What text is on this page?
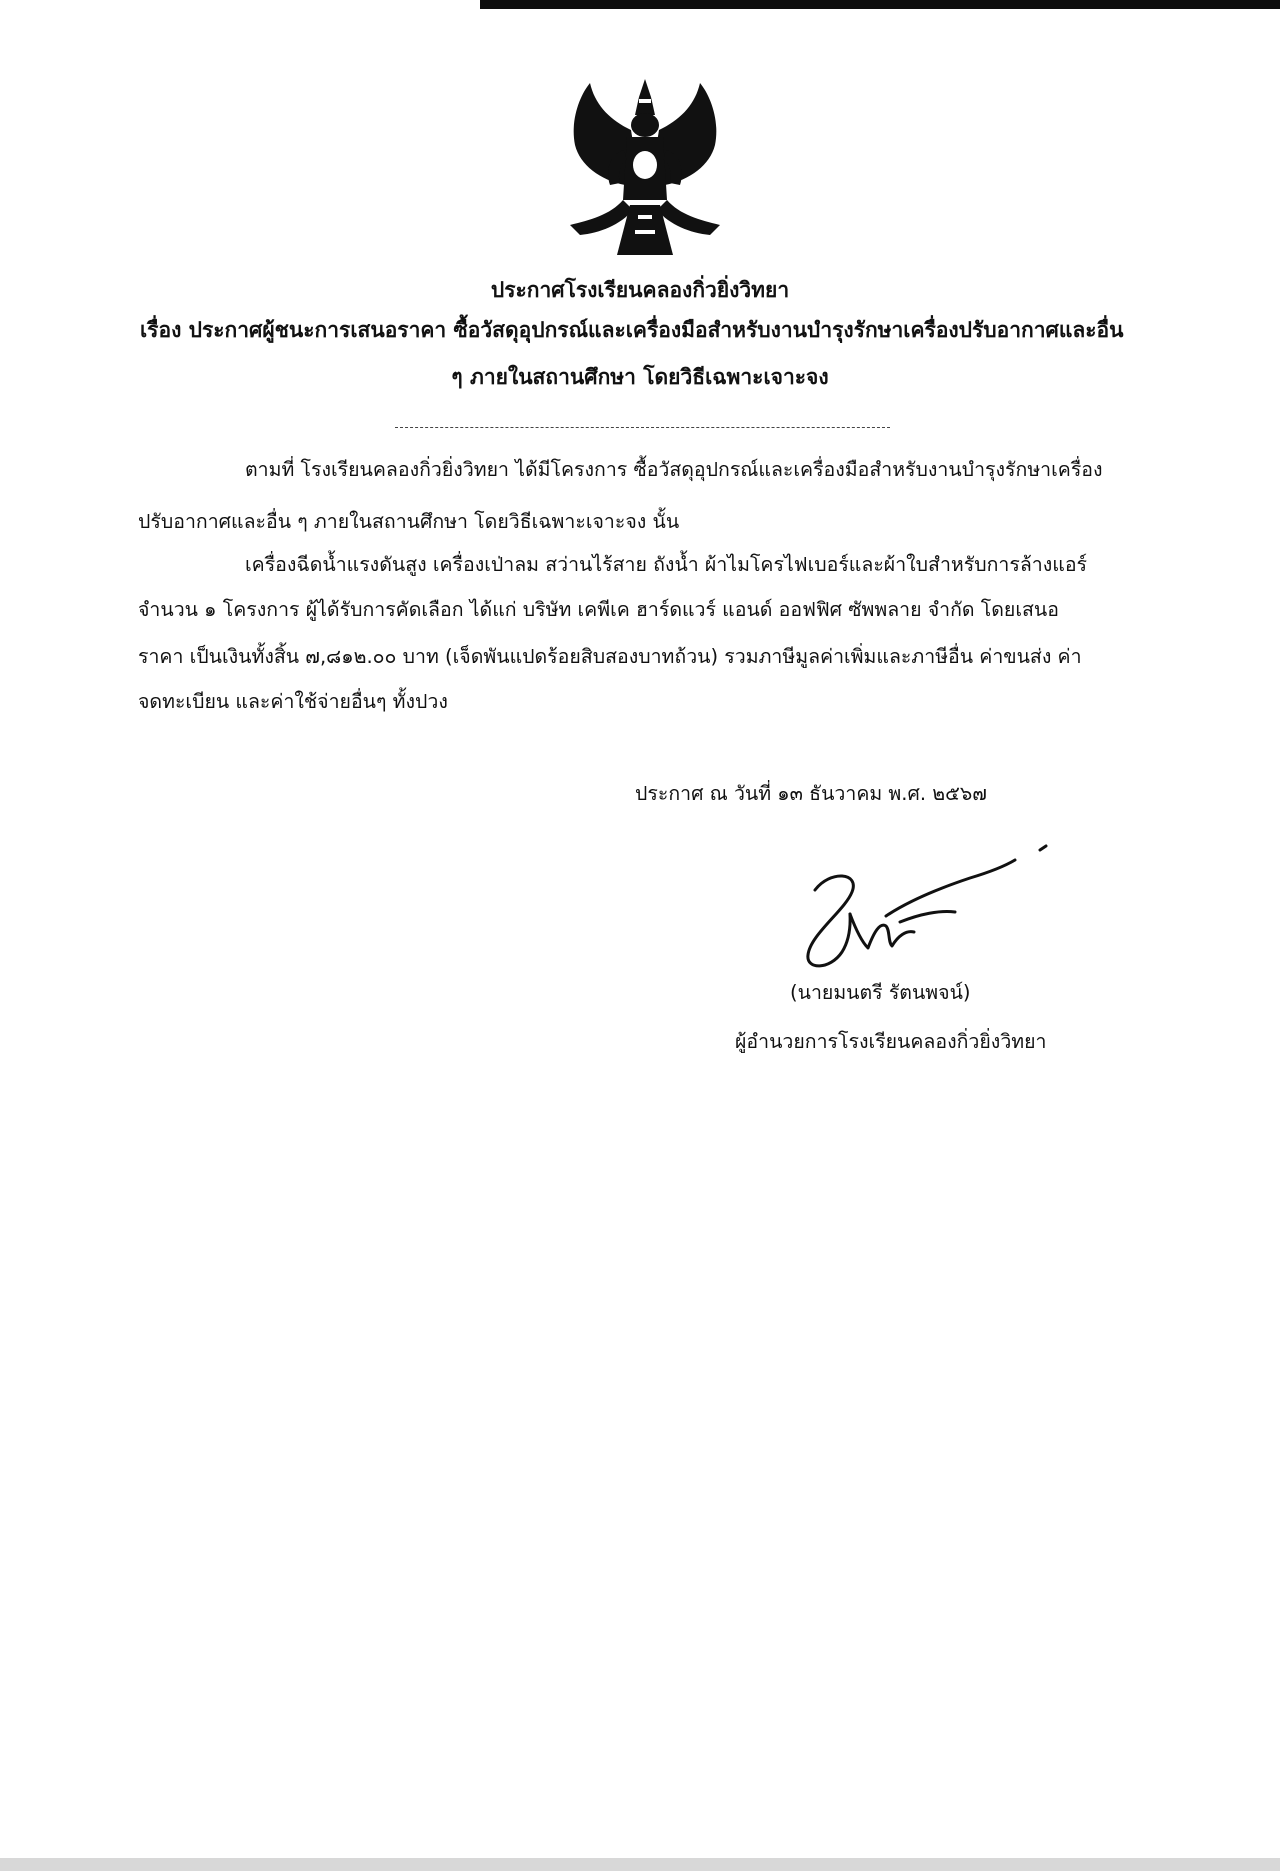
ประกาศโรงเรียนคลองกิ่วยิ่งวิทยา
เรื่อง ประกาศผู้ชนะการเสนอราคา ซื้อวัสดุอุปกรณ์และเครื่องมือสำหรับงานบำรุงรักษาเครื่องปรับอากาศและอื่น
ๆ ภายในสถานศึกษา โดยวิธีเฉพาะเจาะจง
ตามที่ โรงเรียนคลองกิ่วยิ่งวิทยา ได้มีโครงการ ซื้อวัสดุอุปกรณ์และเครื่องมือสำหรับงานบำรุงรักษาเครื่อง
ปรับอากาศและอื่น ๆ ภายในสถานศึกษา โดยวิธีเฉพาะเจาะจง นั้น
เครื่องฉีดน้ำแรงดันสูง เครื่องเป่าลม สว่านไร้สาย ถังน้ำ ผ้าไมโครไฟเบอร์และผ้าใบสำหรับการล้างแอร์
จำนวน ๑ โครงการ ผู้ได้รับการคัดเลือก ได้แก่ บริษัท เคพีเค ฮาร์ดแวร์ แอนด์ ออฟฟิศ ซัพพลาย จำกัด โดยเสนอ
ราคา เป็นเงินทั้งสิ้น ๗,๘๑๒.๐๐ บาท (เจ็ดพันแปดร้อยสิบสองบาทถ้วน) รวมภาษีมูลค่าเพิ่มและภาษีอื่น ค่าขนส่ง ค่า
จดทะเบียน และค่าใช้จ่ายอื่นๆ ทั้งปวง
ประกาศ ณ วันที่ ๑๓ ธันวาคม พ.ศ. ๒๕๖๗
(นายมนตรี รัตนพจน์)
ผู้อำนวยการโรงเรียนคลองกิ่วยิ่งวิทยา
